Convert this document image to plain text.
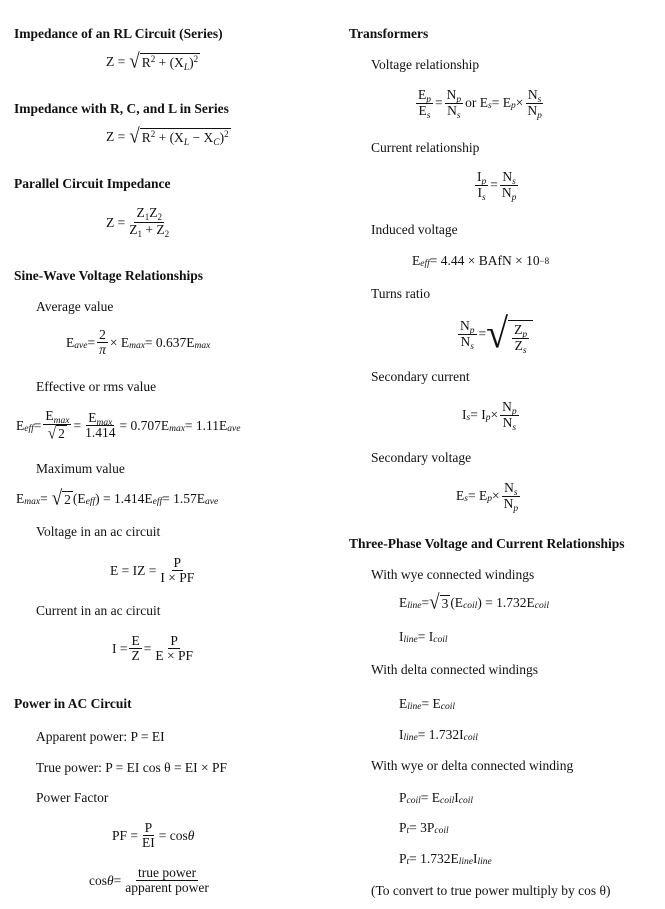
Impedance of an RL Circuit (Series)
Z = √ $R^2 + (X_L)^2$
Impedance with R, C, and L in Series
Z = √ $R^2 + (X_L - X_C)^2$
Parallel Circuit Impedance
$Z = \frac{Z_1Z_2}{Z_1 + Z_2}$
Sine-Wave Voltage Relationships
Average value
E ave = $\frac{2}{\pi} \times E$ max = 0.637E max
Effective or rms value
E eff = $\frac{E_{max}}{√ 2} = \frac{E_{max}}{1.414} = 0.707E$ max = 1.11E ave
Maximum value
E max = √ 2 (E eff ) = 1.414E eff = 1.57E ave
Voltage in an ac circuit
E = IZ = $\frac{P}{I \times PF}$
Current in an ac circuit
$I = \frac{E}{Z} = \frac{P}{E \times PF}$
Power in AC Circuit
Apparent power: P = EI
True power: P = EI cos θ = EI × PF
Power Factor
PF = $\frac{P}{EI} = \cos \theta$
$\cos \theta = \frac{\text{true power}}{\text{apparent power}}$
Transformers
Voltage relationship
$\frac{E_p}{E_s} = \frac{N_p}{N_s}$ or E s = E $p \times \frac{N_s}{N_p}$
Current relationship
$\frac{I_p}{I_s} = \frac{N_s}{N_p}$
Induced voltage
E eff = 4.44 × BAfN × $10^{-8}$
Turns ratio
$\frac{N_p}{N_s}$ = √ $\frac{Z_p}{Z_s}$
Secondary current
I s = I $p \times \frac{N_p}{N_s}$
Secondary voltage
E s = E $p \times \frac{N_s}{N_p}$
Three-Phase Voltage and Current Relationships
With wye connected windings
E line = √ 3 (E coil ) = 1.732E coil
I line = I coil
With delta connected windings
E line = E coil
I line = 1.732I coil
With wye or delta connected winding
P coil = E coil I coil
P t = 3P coil
P t = 1.732E line I line
(To convert to true power multiply by cos θ)
